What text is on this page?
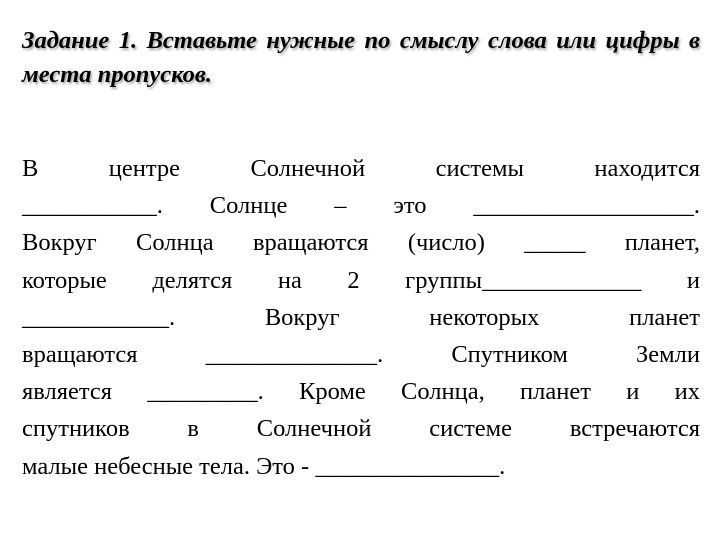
Задание 1. Вставьте нужные по смыслу слова или цифры в места пропусков.

В центре Солнечной системы находится
___________. Солнце – это __________________.
Вокруг Солнца вращаются (число) _____ планет,
которые делятся на 2 группы_____________ и
____________. Вокруг некоторых планет
вращаются ______________. Спутником Земли
является _________. Кроме Солнца, планет и их
спутников в Солнечной системе встречаются
малые небесные тела. Это - _______________.
